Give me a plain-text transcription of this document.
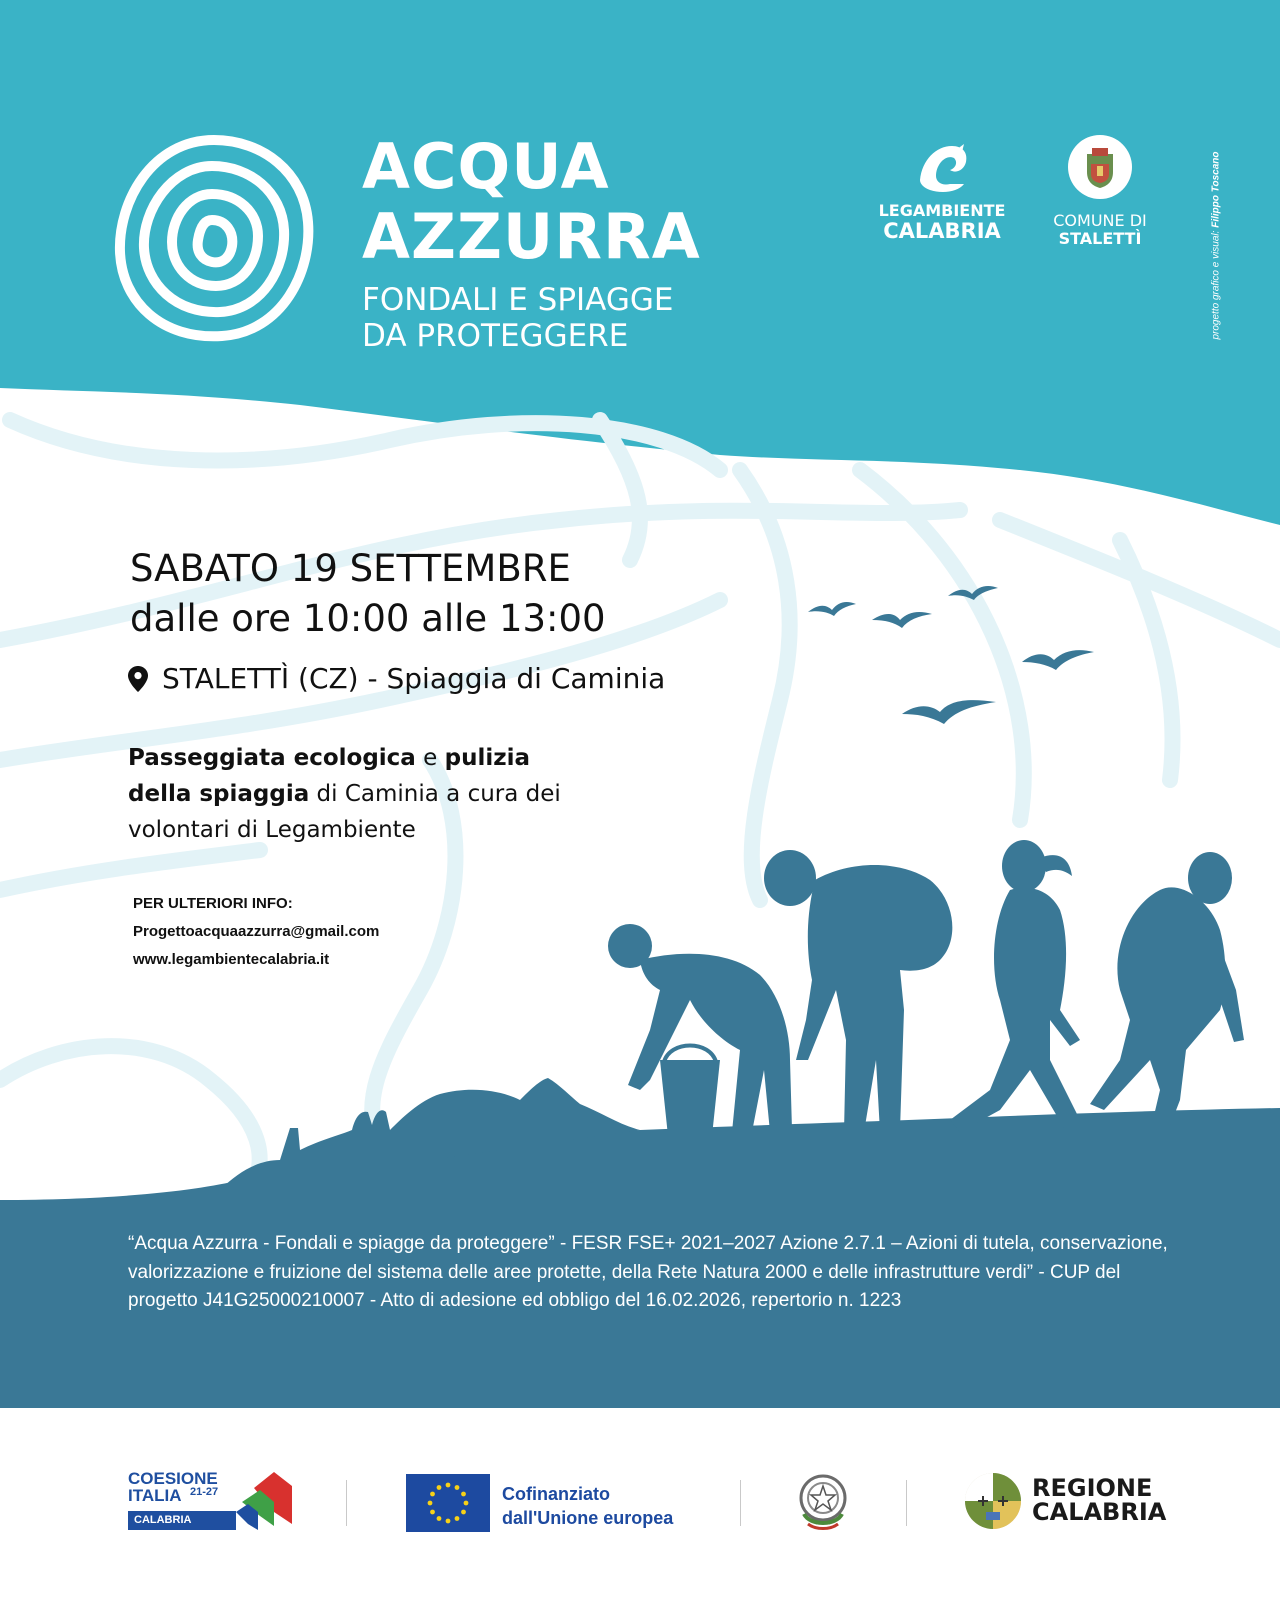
ACQUA
AZZURRA
FONDALI E SPIAGGE
DA PROTEGGERE
LEGAMBIENTE
CALABRIA	COMUNE DI
STALETTÌ	progetto grafico e visual: Filippo Toscano
SABATO 19 SETTEMBRE
dalle ore 10:00 alle 13:00
STALETTÌ (CZ) - Spiaggia di Caminia
Passeggiata ecologica e pulizia della spiaggia di Caminia a cura dei volontari di Legambiente
PER ULTERIORI INFO:
Progettoacquaazzurra@gmail.com
www.legambientecalabria.it
“Acqua Azzurra - Fondali e spiagge da proteggere” - FESR FSE+ 2021–2027 Azione 2.7.1 – Azioni di tutela, conservazione, valorizzazione e fruizione del sistema delle aree protette, della Rete Natura 2000 e delle infrastrutture verdi” - CUP del progetto J41G25000210007 - Atto di adesione ed obbligo del 16.02.2026, repertorio n. 1223
COESIONE
ITALIA 21-27
CALABRIA
Cofinanziato
dall'Unione europea
REGIONE
CALABRIA
